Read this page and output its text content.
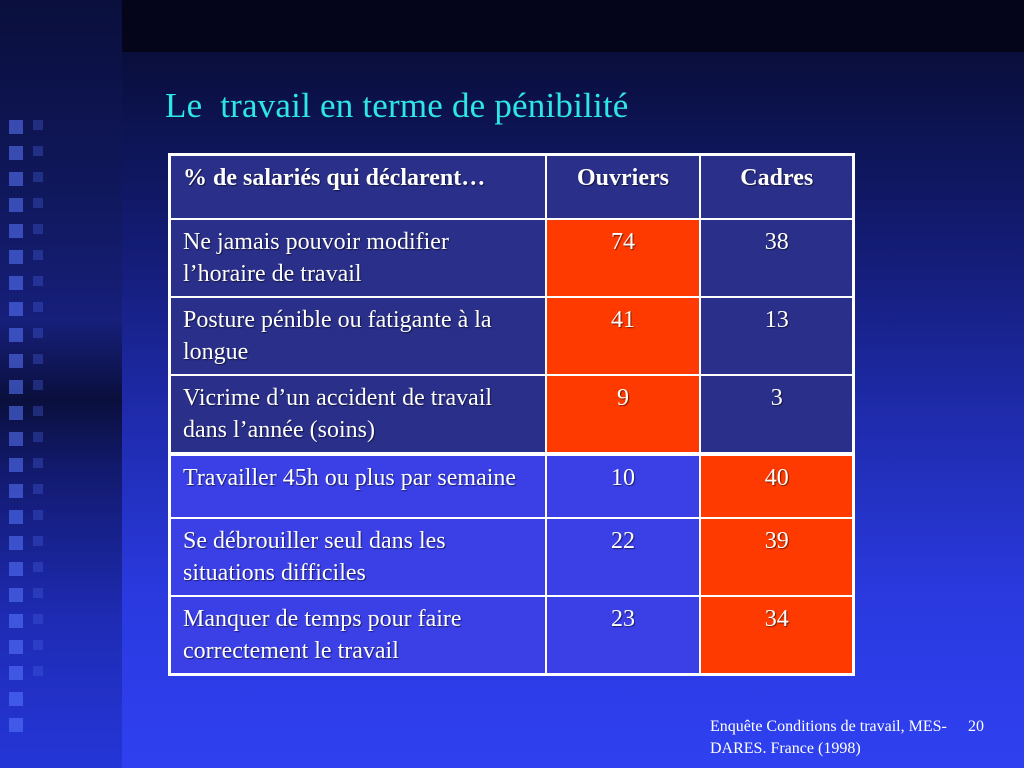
Le  travail en terme de pénibilité
% de salariés qui déclarent…	Ouvriers	Cadres
Ne jamais pouvoir modifier l’horaire de travail	74	38
Posture pénible ou fatigante à la longue	41	13
Vicrime d’un accident de travail dans l’année (soins)	9	3
Travailler 45h ou plus par semaine	10	40
Se débrouiller seul dans les situations difficiles	22	39
Manquer de temps pour faire correctement le travail	23	34

Enquête Conditions de travail, MES-DARES. France (1998)

20
